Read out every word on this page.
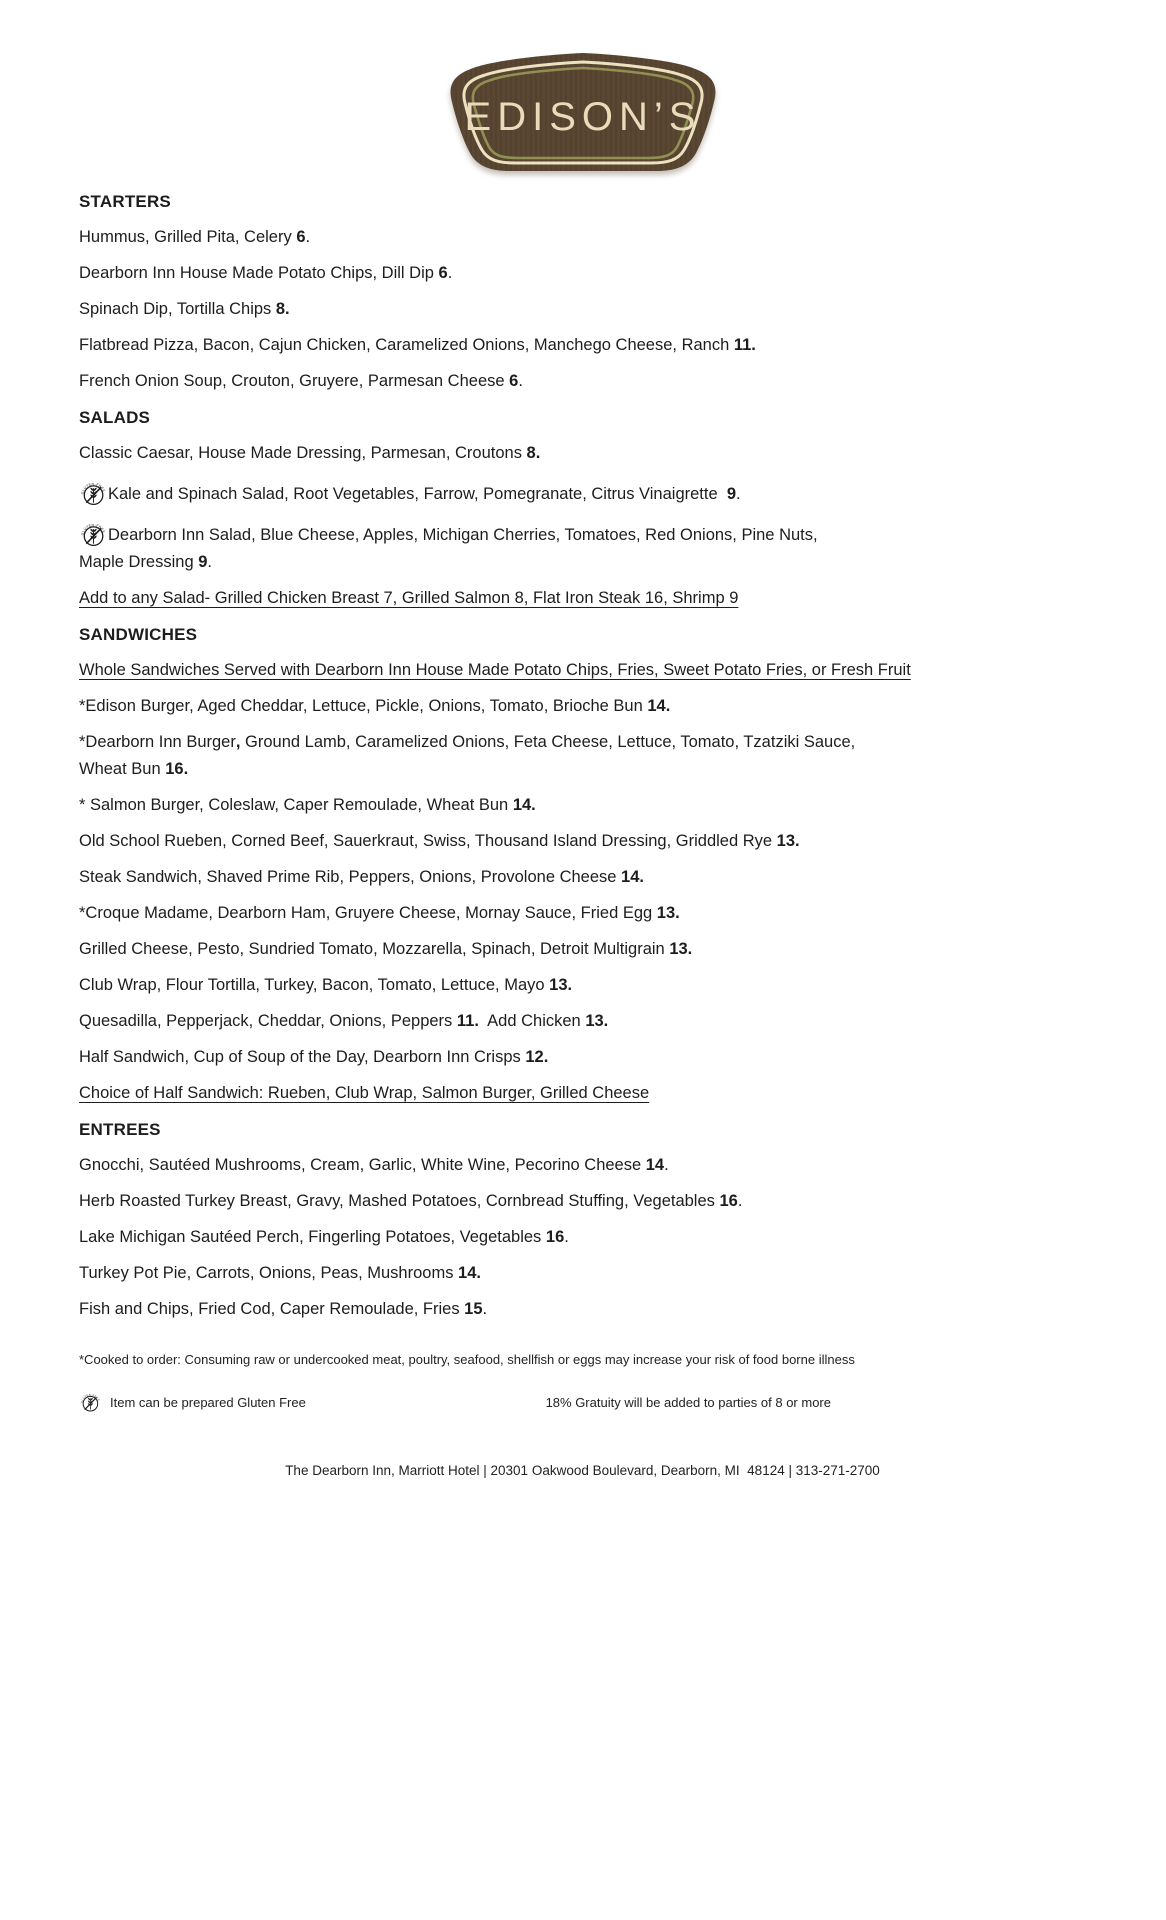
EDISON’S
STARTERS

Hummus, Grilled Pita, Celery 6.

Dearborn Inn House Made Potato Chips, Dill Dip 6.

Spinach Dip, Tortilla Chips 8.

Flatbread Pizza, Bacon, Cajun Chicken, Caramelized Onions, Manchego Cheese, Ranch 11.

French Onion Soup, Crouton, Gruyere, Parmesan Cheese 6.

SALADS

Classic Caesar, House Made Dressing, Parmesan, Croutons 8.

GLUTEN-FREE Kale and Spinach Salad, Root Vegetables, Farrow, Pomegranate, Citrus Vinaigrette  9.

GLUTEN-FREE Dearborn Inn Salad, Blue Cheese, Apples, Michigan Cherries, Tomatoes, Red Onions, Pine Nuts,
Maple Dressing 9.

Add to any Salad- Grilled Chicken Breast 7, Grilled Salmon 8, Flat Iron Steak 16, Shrimp 9

SANDWICHES

Whole Sandwiches Served with Dearborn Inn House Made Potato Chips, Fries, Sweet Potato Fries, or Fresh Fruit

*Edison Burger, Aged Cheddar, Lettuce, Pickle, Onions, Tomato, Brioche Bun 14.

*Dearborn Inn Burger, Ground Lamb, Caramelized Onions, Feta Cheese, Lettuce, Tomato, Tzatziki Sauce,
Wheat Bun 16.

* Salmon Burger, Coleslaw, Caper Remoulade, Wheat Bun 14.

Old School Rueben, Corned Beef, Sauerkraut, Swiss, Thousand Island Dressing, Griddled Rye 13.

Steak Sandwich, Shaved Prime Rib, Peppers, Onions, Provolone Cheese 14.

*Croque Madame, Dearborn Ham, Gruyere Cheese, Mornay Sauce, Fried Egg 13.

Grilled Cheese, Pesto, Sundried Tomato, Mozzarella, Spinach, Detroit Multigrain 13.

Club Wrap, Flour Tortilla, Turkey, Bacon, Tomato, Lettuce, Mayo 13.

Quesadilla, Pepperjack, Cheddar, Onions, Peppers 11.  Add Chicken 13.

Half Sandwich, Cup of Soup of the Day, Dearborn Inn Crisps 12.

Choice of Half Sandwich: Rueben, Club Wrap, Salmon Burger, Grilled Cheese

ENTREES

Gnocchi, Sautéed Mushrooms, Cream, Garlic, White Wine, Pecorino Cheese 14.

Herb Roasted Turkey Breast, Gravy, Mashed Potatoes, Cornbread Stuffing, Vegetables 16.

Lake Michigan Sautéed Perch, Fingerling Potatoes, Vegetables 16.

Turkey Pot Pie, Carrots, Onions, Peas, Mushrooms 14.

Fish and Chips, Fried Cod, Caper Remoulade, Fries 15.

*Cooked to order: Consuming raw or undercooked meat, poultry, seafood, shellfish or eggs may increase your risk of food borne illness

GLUTEN-FREE Item can be prepared Gluten Free	18% Gratuity will be added to parties of 8 or more

The Dearborn Inn, Marriott Hotel | 20301 Oakwood Boulevard, Dearborn, MI  48124 | 313-271-2700
